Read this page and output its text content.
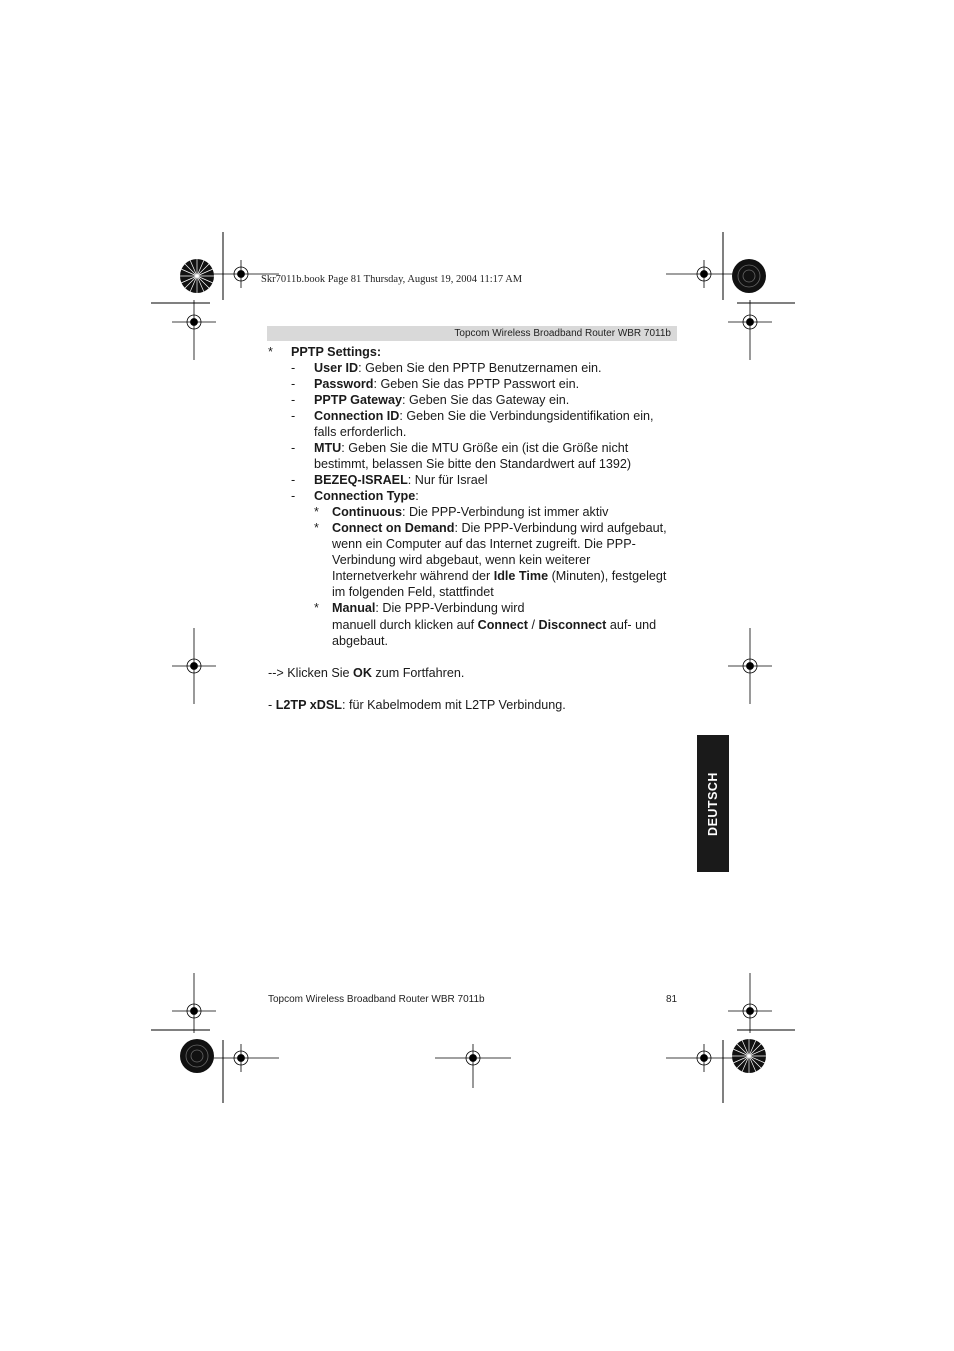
Skr7011b.book Page 81 Thursday, August 19, 2004 11:17 AM
Topcom Wireless Broadband Router WBR 7011b
* PPTP Settings:
- User ID: Geben Sie den PPTP Benutzernamen ein.
- Password: Geben Sie das PPTP Passwort ein.
- PPTP Gateway: Geben Sie das Gateway ein.
- Connection ID: Geben Sie die Verbindungsidentifikation ein,
falls erforderlich.
- MTU: Geben Sie die MTU Größe ein (ist die Größe nicht
bestimmt, belassen Sie bitte den Standardwert auf 1392)
- BEZEQ-ISRAEL: Nur für Israel
- Connection Type:
* Continuous: Die PPP-Verbindung ist immer aktiv
* Connect on Demand: Die PPP-Verbindung wird aufgebaut,
wenn ein Computer auf das Internet zugreift. Die PPP-
Verbindung wird abgebaut, wenn kein weiterer
Internetverkehr während der Idle Time (Minuten), festgelegt
im folgenden Feld, stattfindet
* Manual: Die PPP-Verbindung wird
manuell durch klicken auf Connect / Disconnect auf- und
abgebaut.
--> Klicken Sie OK zum Fortfahren.
- L2TP xDSL: für Kabelmodem mit L2TP Verbindung.
DEUTSCH
Topcom Wireless Broadband Router WBR 7011b	81
